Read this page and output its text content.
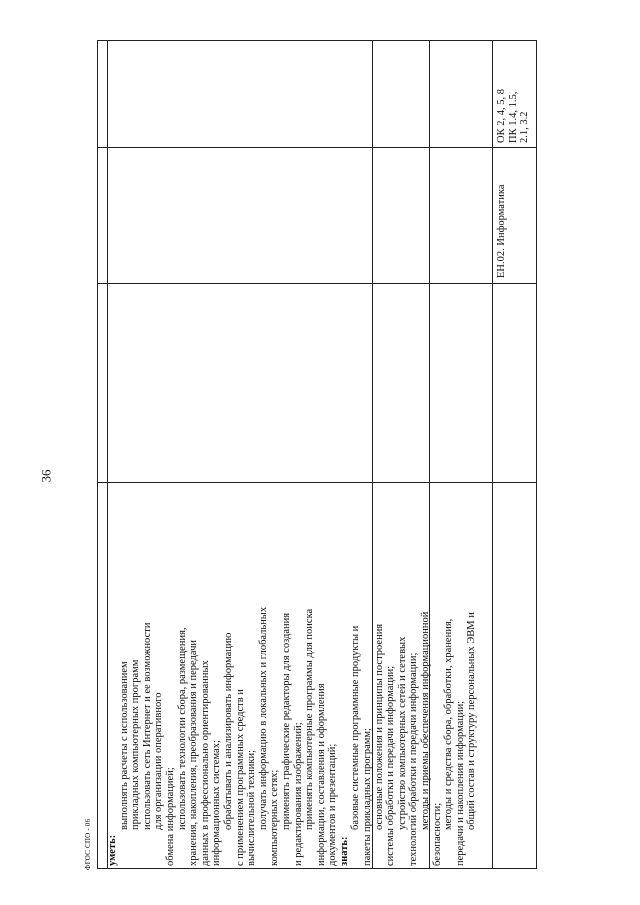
36
ФГОС СПО - 06 уметь:
выполнять расчеты с использованием прикладных компьютерных программ использовать сеть Интернет и ее возможности для организации оперативного обмена информацией; использовать технологии сбора, размещения, хранения, накопления, преобразования и передачи данных в профессионально ориентированных информационных системах; обрабатывать и анализировать информацию с применением программных средств и вычислительной техники; получать информацию в локальных и глобальных компьютерных сетях; применять графические редакторы для создания и редактирования изображений; применять компьютерные программы для поиска информации, составления и оформления документов и презентаций; знать:
базовые системные программные продукты и пакеты прикладных программ; основные положения и принципы построения системы обработки и передачи информации; устройство компьютерных сетей и сетевых технологий обработки и передачи информации; методы и приемы обеспечения информационной
безопасности;
методы и средства сбора, обработки, хранения, передачи и накопления информации; общий состав и структуру персональных ЭВМ и
ЕН.02. Информатика
ОК 2, 4, 5, 8 ПК 1.4, 1.5, 2.1, 3.2
